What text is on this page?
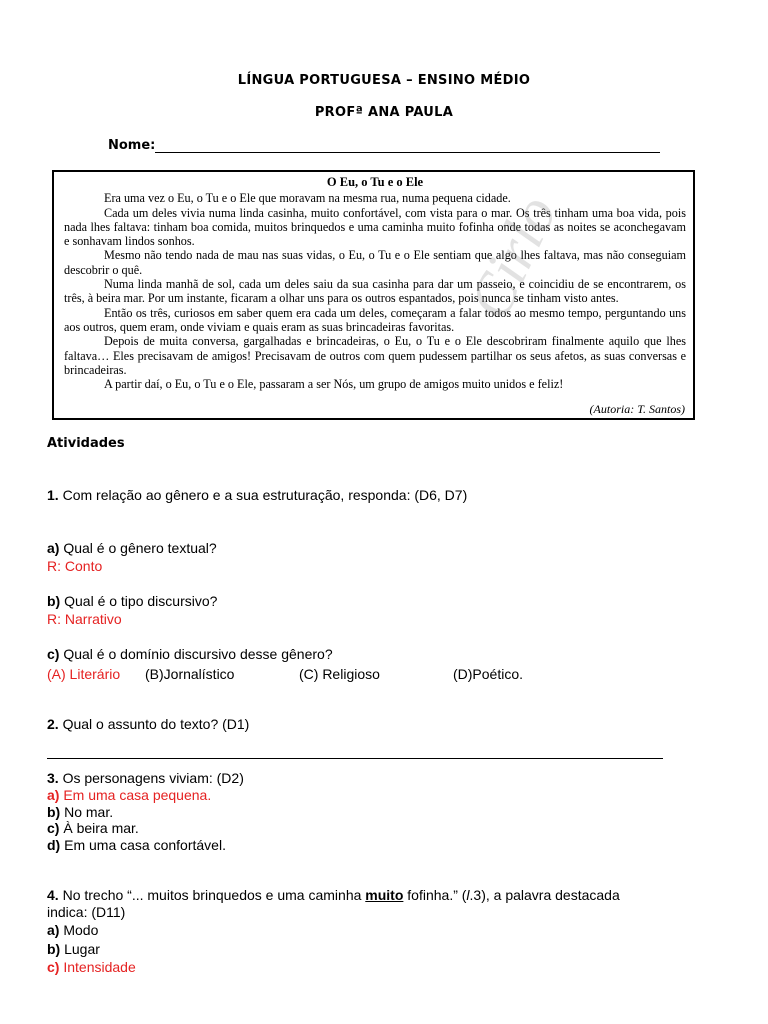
LÍNGUA PORTUGUESA – ENSINO MÉDIO
PROFª ANA PAULA
Nome:
O Eu, o Tu e o Ele

Era uma vez o Eu, o Tu e o Ele que moravam na mesma rua, numa pequena cidade.

Cada um deles vivia numa linda casinha, muito confortável, com vista para o mar. Os três tinham uma boa vida, pois nada lhes faltava: tinham boa comida, muitos brinquedos e uma caminha muito fofinha onde todas as noites se aconchegavam e sonhavam lindos sonhos.

Mesmo não tendo nada de mau nas suas vidas, o Eu, o Tu e o Ele sentiam que algo lhes faltava, mas não conseguiam descobrir o quê.

Numa linda manhã de sol, cada um deles saiu da sua casinha para dar um passeio, e coincidiu de se encontrarem, os três, à beira mar. Por um instante, ficaram a olhar uns para os outros espantados, pois nunca se tinham visto antes.

Então os três, curiosos em saber quem era cada um deles, começaram a falar todos ao mesmo tempo, perguntando uns aos outros, quem eram, onde viviam e quais eram as suas brincadeiras favoritas.

Depois de muita conversa, gargalhadas e brincadeiras, o Eu, o Tu e o Ele descobriram finalmente aquilo que lhes faltava… Eles precisavam de amigos! Precisavam de outros com quem pudessem partilhar os seus afetos, as suas conversas e brincadeiras.

A partir daí, o Eu, o Tu e o Ele, passaram a ser Nós, um grupo de amigos muito unidos e feliz!

(Autoria: T. Santos)
Cirlo
Atividades
1. Com relação ao gênero e a sua estruturação, responda: (D6, D7)
a) Qual é o gênero textual?
R: Conto
b) Qual é o tipo discursivo?
R: Narrativo
c) Qual é o domínio discursivo desse gênero?
(A) Literário (B)Jornalístico	(C) Religioso	(D)Poético.
2. Qual o assunto do texto? (D1)
3. Os personagens viviam: (D2)
a) Em uma casa pequena.
b) No mar.
c) À beira mar.
d) Em uma casa confortável.
4. No trecho “... muitos brinquedos e uma caminha muito fofinha.” (l.3), a palavra destacada
indica: (D11)
a) Modo
b) Lugar
c) Intensidade
